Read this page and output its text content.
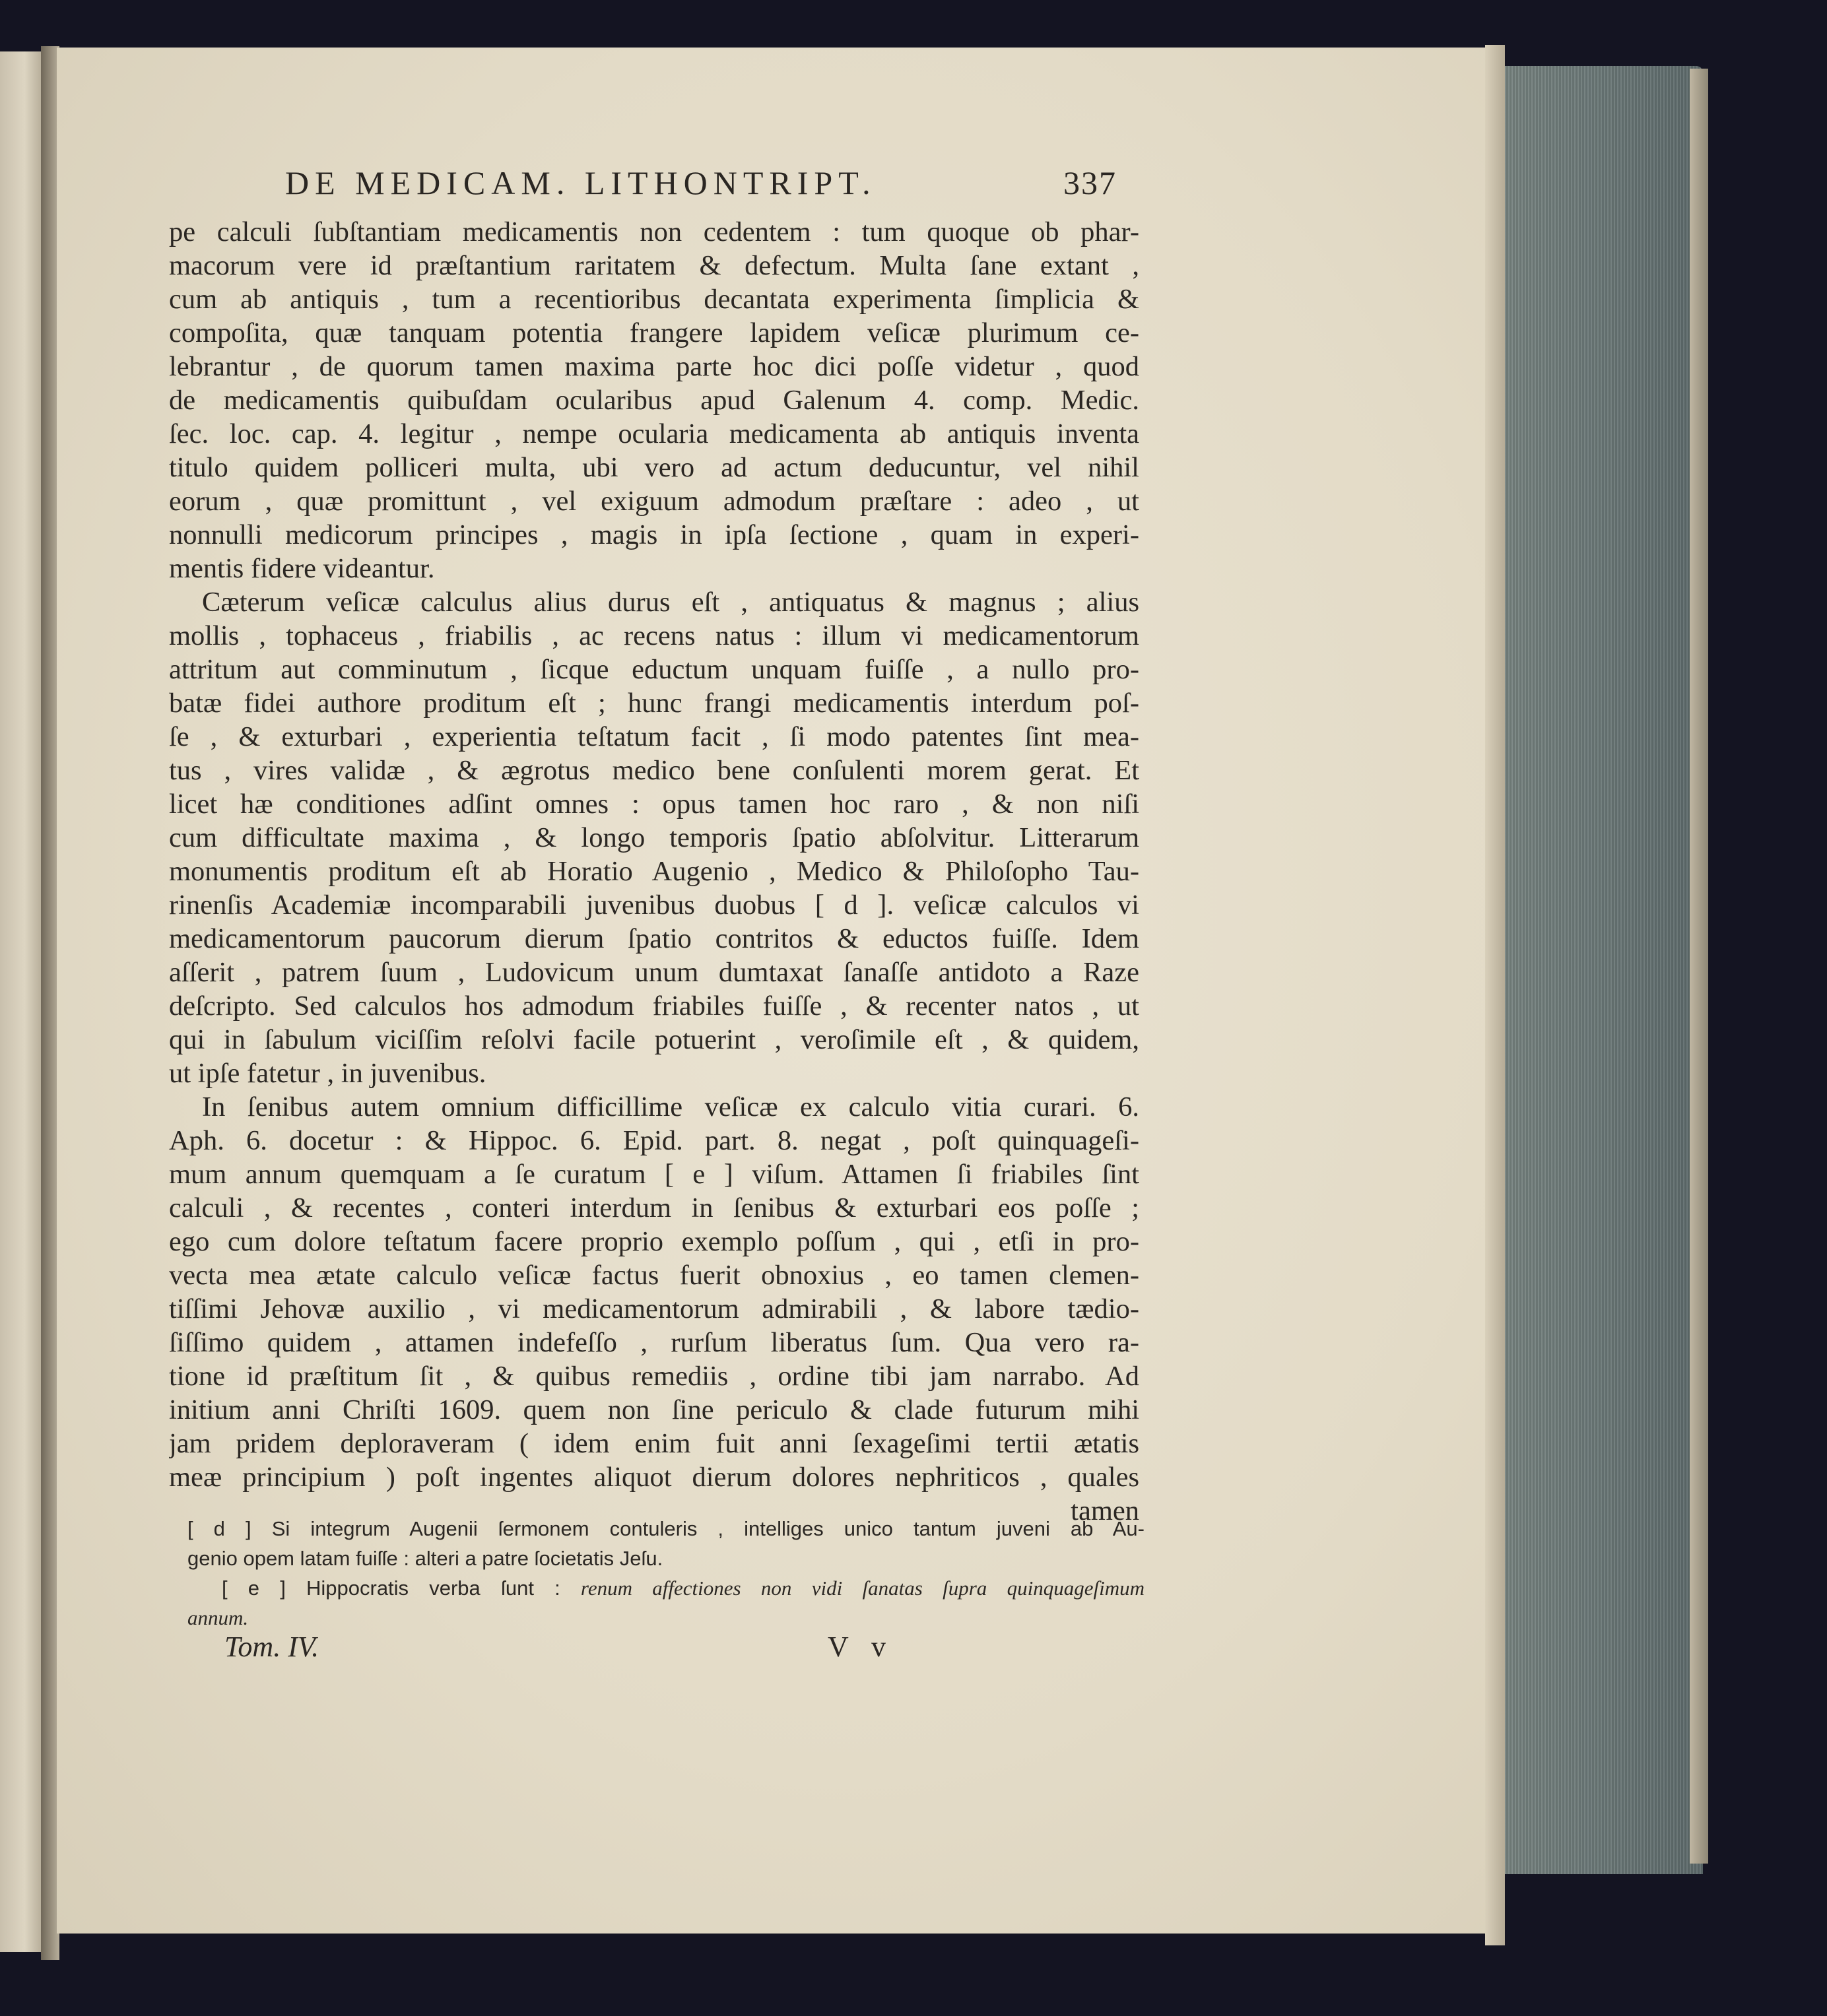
DE MEDICAM. LITHONTRIPT.	337
pe calculi ſubſtantiam medicamentis non cedentem : tum quoque ob phar-
macorum vere id præſtantium raritatem & defectum. Multa ſane extant ,
cum ab antiquis , tum a recentioribus decantata experimenta ſimplicia &
compoſita, quæ tanquam potentia frangere lapidem veſicæ plurimum ce-
lebrantur , de quorum tamen maxima parte hoc dici poſſe videtur , quod
de medicamentis quibuſdam ocularibus apud Galenum 4. comp. Medic.
ſec. loc. cap. 4. legitur , nempe ocularia medicamenta ab antiquis inventa
titulo quidem polliceri multa, ubi vero ad actum deducuntur, vel nihil
eorum , quæ promittunt , vel exiguum admodum præſtare : adeo , ut
nonnulli medicorum principes , magis in ipſa ſectione , quam in experi-
mentis fidere videantur.
Cæterum veſicæ calculus alius durus eſt , antiquatus & magnus ; alius
mollis , tophaceus , friabilis , ac recens natus : illum vi medicamentorum
attritum aut comminutum , ſicque eductum unquam fuiſſe , a nullo pro-
batæ fidei authore proditum eſt ; hunc frangi medicamentis interdum poſ-
ſe , & exturbari , experientia teſtatum facit , ſi modo patentes ſint mea-
tus , vires validæ , & ægrotus medico bene conſulenti morem gerat. Et
licet hæ conditiones adſint omnes : opus tamen hoc raro , & non niſi
cum difficultate maxima , & longo temporis ſpatio abſolvitur. Litterarum
monumentis proditum eſt ab Horatio Augenio , Medico & Philoſopho Tau-
rinenſis Academiæ incomparabili juvenibus duobus [ d ]. veſicæ calculos vi
medicamentorum paucorum dierum ſpatio contritos & eductos fuiſſe. Idem
aſſerit , patrem ſuum , Ludovicum unum dumtaxat ſanaſſe antidoto a Raze
deſcripto. Sed calculos hos admodum friabiles fuiſſe , & recenter natos , ut
qui in ſabulum viciſſim reſolvi facile potuerint , veroſimile eſt , & quidem,
ut ipſe fatetur , in juvenibus.
In ſenibus autem omnium difficillime veſicæ ex calculo vitia curari. 6.
Aph. 6. docetur : & Hippoc. 6. Epid. part. 8. negat , poſt quinquageſi-
mum annum quemquam a ſe curatum [ e ] viſum. Attamen ſi friabiles ſint
calculi , & recentes , conteri interdum in ſenibus & exturbari eos poſſe ;
ego cum dolore teſtatum facere proprio exemplo poſſum , qui , etſi in pro-
vecta mea ætate calculo veſicæ factus fuerit obnoxius , eo tamen clemen-
tiſſimi Jehovæ auxilio , vi medicamentorum admirabili , & labore tædio-
ſiſſimo quidem , attamen indefeſſo , rurſum liberatus ſum. Qua vero ra-
tione id præſtitum ſit , & quibus remediis , ordine tibi jam narrabo. Ad
initium anni Chriſti 1609. quem non ſine periculo & clade futurum mihi
jam pridem deploraveram ( idem enim fuit anni ſexageſimi tertii ætatis
meæ principium ) poſt ingentes aliquot dierum dolores nephriticos , quales
tamen
[ d ] Si integrum Augenii ſermonem contuleris , intelliges unico tantum juveni ab Au-
genio opem latam fuiſſe : alteri a patre ſocietatis Jeſu.
[ e ] Hippocratis verba ſunt : renum affectiones non vidi ſanatas ſupra quinquageſimum
annum.
Tom. IV.	V v
